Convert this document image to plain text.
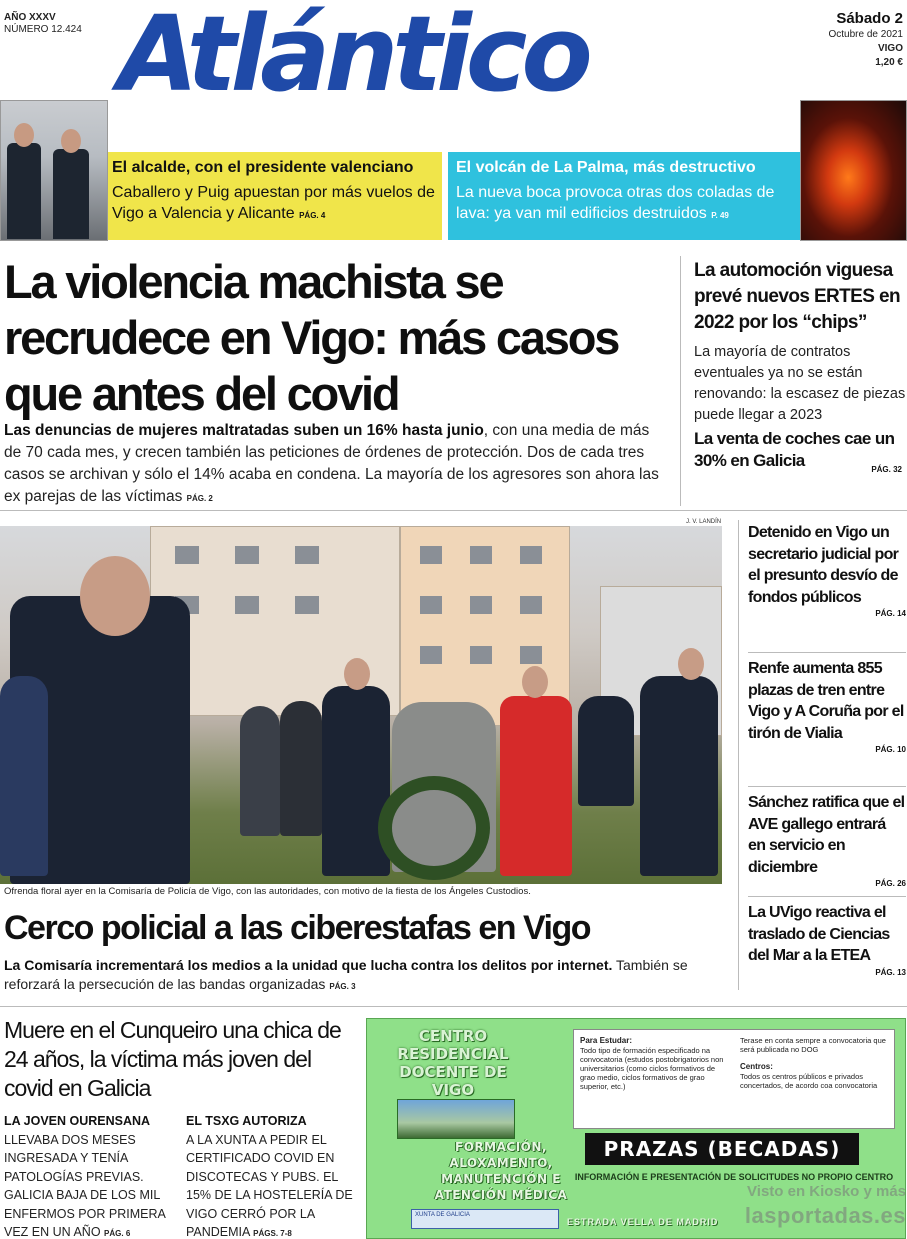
AÑO XXXV
NÚMERO 12.424 Atlántico	Sábado 2
Octubre de 2021
VIGO
1,20 €
El alcalde, con el presidente valenciano
Caballero y Puig apuestan por más vuelos de Vigo a Valencia y Alicante PÁG. 4
El volcán de La Palma, más destructivo
La nueva boca provoca otras dos coladas de lava: ya van mil edificios destruidos P. 49
La violencia machista se recrudece en Vigo: más casos que antes del covid
Las denuncias de mujeres maltratadas suben un 16% hasta junio, con una media de más de 70 cada mes, y crecen también las peticiones de órdenes de protección. Dos de cada tres casos se archivan y sólo el 14% acaba en condena. La mayoría de los agresores son ahora las ex parejas de las víctimas PÁG. 2
La automoción viguesa prevé nuevos ERTES en 2022 por los “chips”
La mayoría de contratos eventuales ya no se están renovando: la escasez de piezas puede llegar a 2023
La venta de coches cae un 30% en Galicia	PÁG. 32
J. V. LANDÍN
Ofrenda floral ayer en la Comisaría de Policía de Vigo, con las autoridades, con motivo de la fiesta de los Ángeles Custodios.
Detenido en Vigo un secretario judicial por el presunto desvío de fondos públicos
PÁG. 14
Renfe aumenta 855 plazas de tren entre Vigo y A Coruña por el tirón de Vialia
PÁG. 10
Sánchez ratifica que el AVE gallego entrará en servicio en diciembre
PÁG. 26
La UVigo reactiva el traslado de Ciencias del Mar a la ETEA
PÁG. 13
Cerco policial a las ciberestafas en Vigo
La Comisaría incrementará los medios a la unidad que lucha contra los delitos por internet. También se reforzará la persecución de las bandas organizadas PÁG. 3
Muere en el Cunqueiro una chica de 24 años, la víctima más joven del covid en Galicia
LA JOVEN OURENSANA
LLEVABA DOS MESES INGRESADA Y TENÍA PATOLOGÍAS PREVIAS. GALICIA BAJA DE LOS MIL ENFERMOS POR PRIMERA VEZ EN UN AÑO PÁG. 6
EL TSXG AUTORIZA
A LA XUNTA A PEDIR EL CERTIFICADO COVID EN DISCOTECAS Y PUBS. EL 15% DE LA HOSTELERÍA DE VIGO CERRÓ POR LA PANDEMIA PÁGS. 7-8
CENTRO RESIDENCIAL DOCENTE DE VIGO
FORMACIÓN, ALOXAMENTO, MANUTENCIÓN E ATENCIÓN MÉDICA
XUNTA DE GALICIA
Para Estudar:
Todo tipo de formación especificado na convocatoria (estudos postobrigatorios non universitarios (como ciclos formativos de grao medio, ciclos formativos de grao superior, etc.)
Terase en conta sempre a convocatoria que será publicada no DOG
Centros:
Todos os centros públicos e privados concertados, de acordo coa convocatoria
PRAZAS (BECADAS)
INFORMACIÓN E PRESENTACIÓN DE SOLICITUDES NO PROPIO CENTRO
ESTRADA VELLA DE MADRID
Visto en Kiosko y más
lasportadas.es
